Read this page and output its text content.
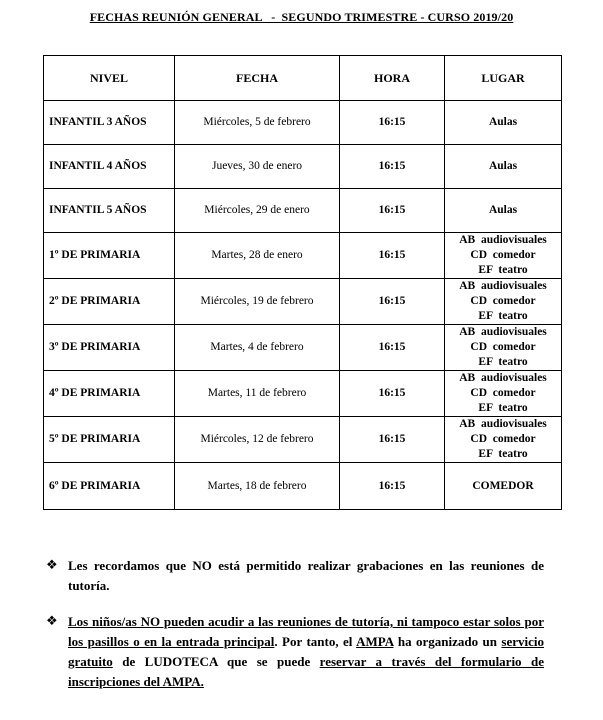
FECHAS REUNIÓN GENERAL   -  SEGUNDO TRIMESTRE - CURSO 2019/20
NIVEL	FECHA	HORA	LUGAR
INFANTIL 3 AÑOS	Miércoles, 5 de febrero	16:15	Aulas

INFANTIL 4 AÑOS	Jueves, 30 de enero	16:15	Aulas

INFANTIL 5 AÑOS	Miércoles, 29 de enero	16:15	Aulas

1º DE PRIMARIA	Martes, 28 de enero	16:15	AB  audiovisuales
CD  comedor
EF  teatro

2º DE PRIMARIA	Miércoles, 19 de febrero	16:15	AB  audiovisuales
CD  comedor
EF  teatro

3º DE PRIMARIA	Martes, 4 de febrero	16:15	AB  audiovisuales
CD  comedor
EF  teatro

4º DE PRIMARIA	Martes, 11 de febrero	16:15	AB  audiovisuales
CD  comedor
EF  teatro

5º DE PRIMARIA	Miércoles, 12 de febrero	16:15	AB  audiovisuales
CD  comedor
EF  teatro

6º DE PRIMARIA	Martes, 18 de febrero	16:15	COMEDOR
❖ Les recordamos que NO está permitido realizar grabaciones en las reuniones de tutoría.
❖ Los niños/as NO pueden acudir a las reuniones de tutoría, ni tampoco estar solos por los pasillos o en la entrada principal. Por tanto, el AMPA ha organizado un servicio gratuito de LUDOTECA que se puede reservar a través del formulario de inscripciones del AMPA.
